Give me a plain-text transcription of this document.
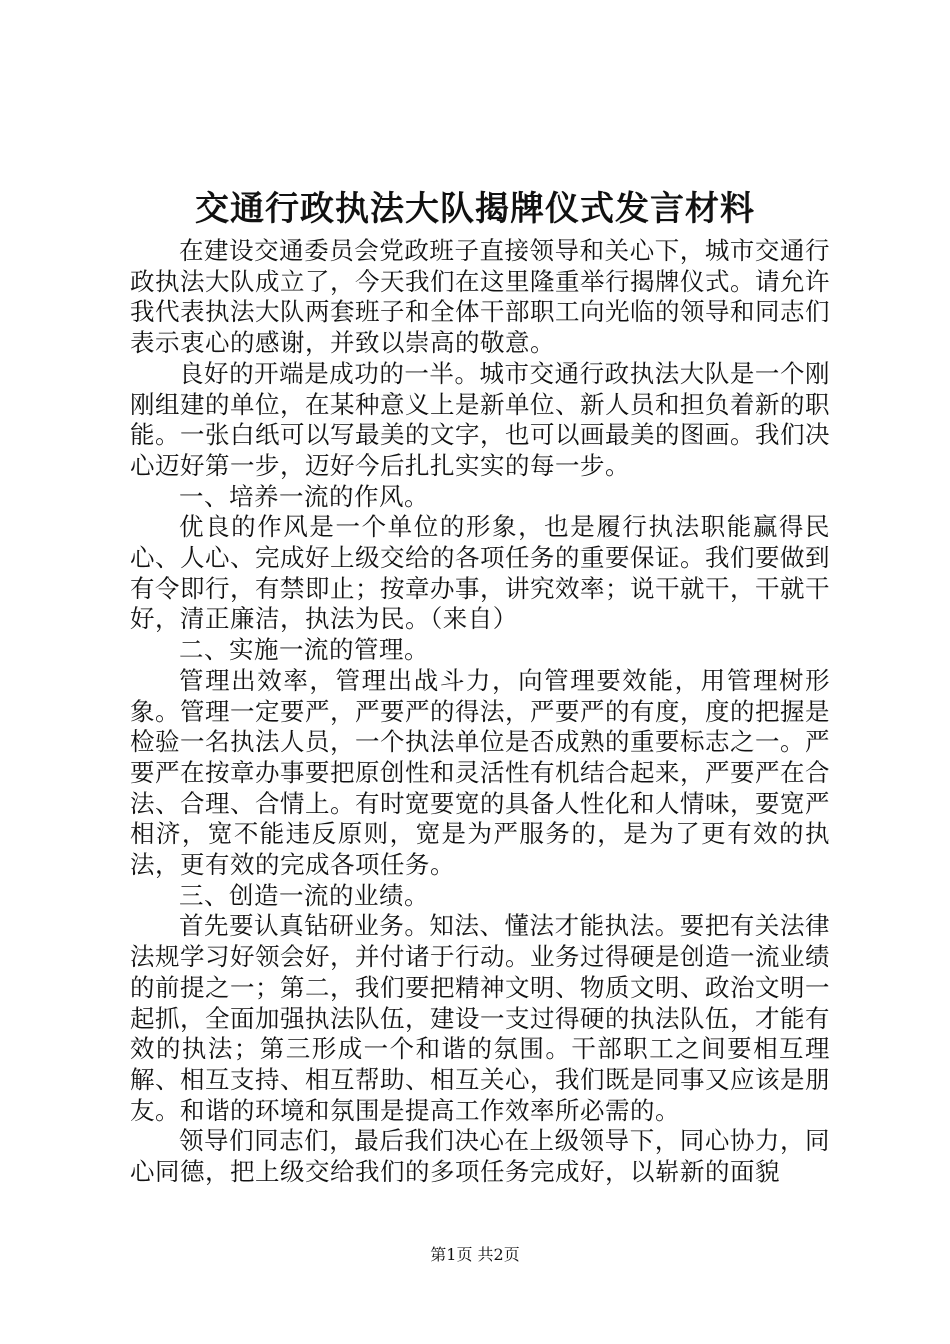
交通行政执法大队揭牌仪式发言材料

在建设交通委员会党政班子直接领导和关心下，城市交通行政执法大队成立了，今天我们在这里隆重举行揭牌仪式。请允许我代表执法大队两套班子和全体干部职工向光临的领导和同志们表示衷心的感谢，并致以崇高的敬意。

良好的开端是成功的一半。城市交通行政执法大队是一个刚刚组建的单位，在某种意义上是新单位、新人员和担负着新的职能。一张白纸可以写最美的文字，也可以画最美的图画。我们决心迈好第一步，迈好今后扎扎实实的每一步。

一、培养一流的作风。

优良的作风是一个单位的形象，也是履行执法职能赢得民心、人心、完成好上级交给的各项任务的重要保证。我们要做到有令即行，有禁即止；按章办事，讲究效率；说干就干，干就干好，清正廉洁，执法为民。（来自）

二、实施一流的管理。

管理出效率，管理出战斗力，向管理要效能，用管理树形象。管理一定要严，严要严的得法，严要严的有度，度的把握是检验一名执法人员，一个执法单位是否成熟的重要标志之一。严要严在按章办事要把原创性和灵活性有机结合起来，严要严在合法、合理、合情上。有时宽要宽的具备人性化和人情味，要宽严相济，宽不能违反原则，宽是为严服务的，是为了更有效的执法，更有效的完成各项任务。

三、创造一流的业绩。

首先要认真钻研业务。知法、懂法才能执法。要把有关法律法规学习好领会好，并付诸于行动。业务过得硬是创造一流业绩的前提之一；第二，我们要把精神文明、物质文明、政治文明一起抓，全面加强执法队伍，建设一支过得硬的执法队伍，才能有效的执法；第三形成一个和谐的氛围。干部职工之间要相互理解、相互支持、相互帮助、相互关心，我们既是同事又应该是朋友。和谐的环境和氛围是提高工作效率所必需的。

领导们同志们，最后我们决心在上级领导下，同心协力，同心同德，把上级交给我们的多项任务完成好，以崭新的面貌

第1页 共2页
